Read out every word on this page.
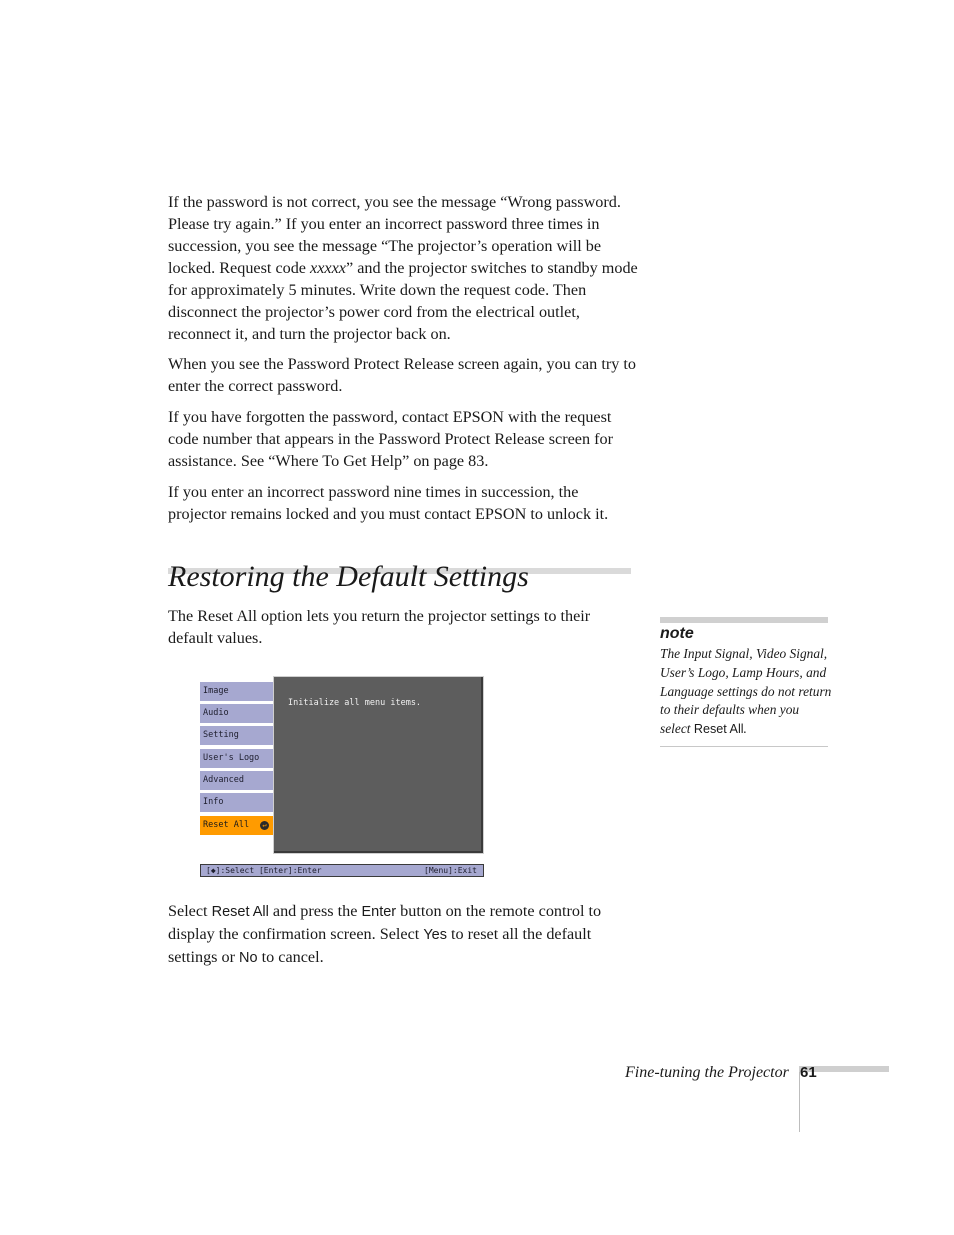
If the password is not correct, you see the message “Wrong password. Please try again.” If you enter an incorrect password three times in succession, you see the message “The projector’s operation will be locked. Request code xxxxx” and the projector switches to standby mode for approximately 5 minutes. Write down the request code. Then disconnect the projector’s power cord from the electrical outlet, reconnect it, and turn the projector back on.

When you see the Password Protect Release screen again, you can try to enter the correct password.

If you have forgotten the password, contact EPSON with the request code number that appears in the Password Protect Release screen for assistance. See “Where To Get Help” on page 83.

If you enter an incorrect password nine times in succession, the projector remains locked and you must contact EPSON to unlock it.

Restoring the Default Settings

The Reset All option lets you return the projector settings to their default values.	note
The Input Signal, Video Signal, User’s Logo, Lamp Hours, and Language settings do not return to their defaults when you select Reset All.
Image
Audio
Setting
User's Logo
Advanced
Info
Reset All	↵
Initialize all menu items.
[◆]:Select [Enter]:Enter	[Menu]:Exit

Select Reset All and press the Enter button on the remote control to display the confirmation screen. Select Yes to reset all the default settings or No to cancel.

Fine-tuning the Projector 61
